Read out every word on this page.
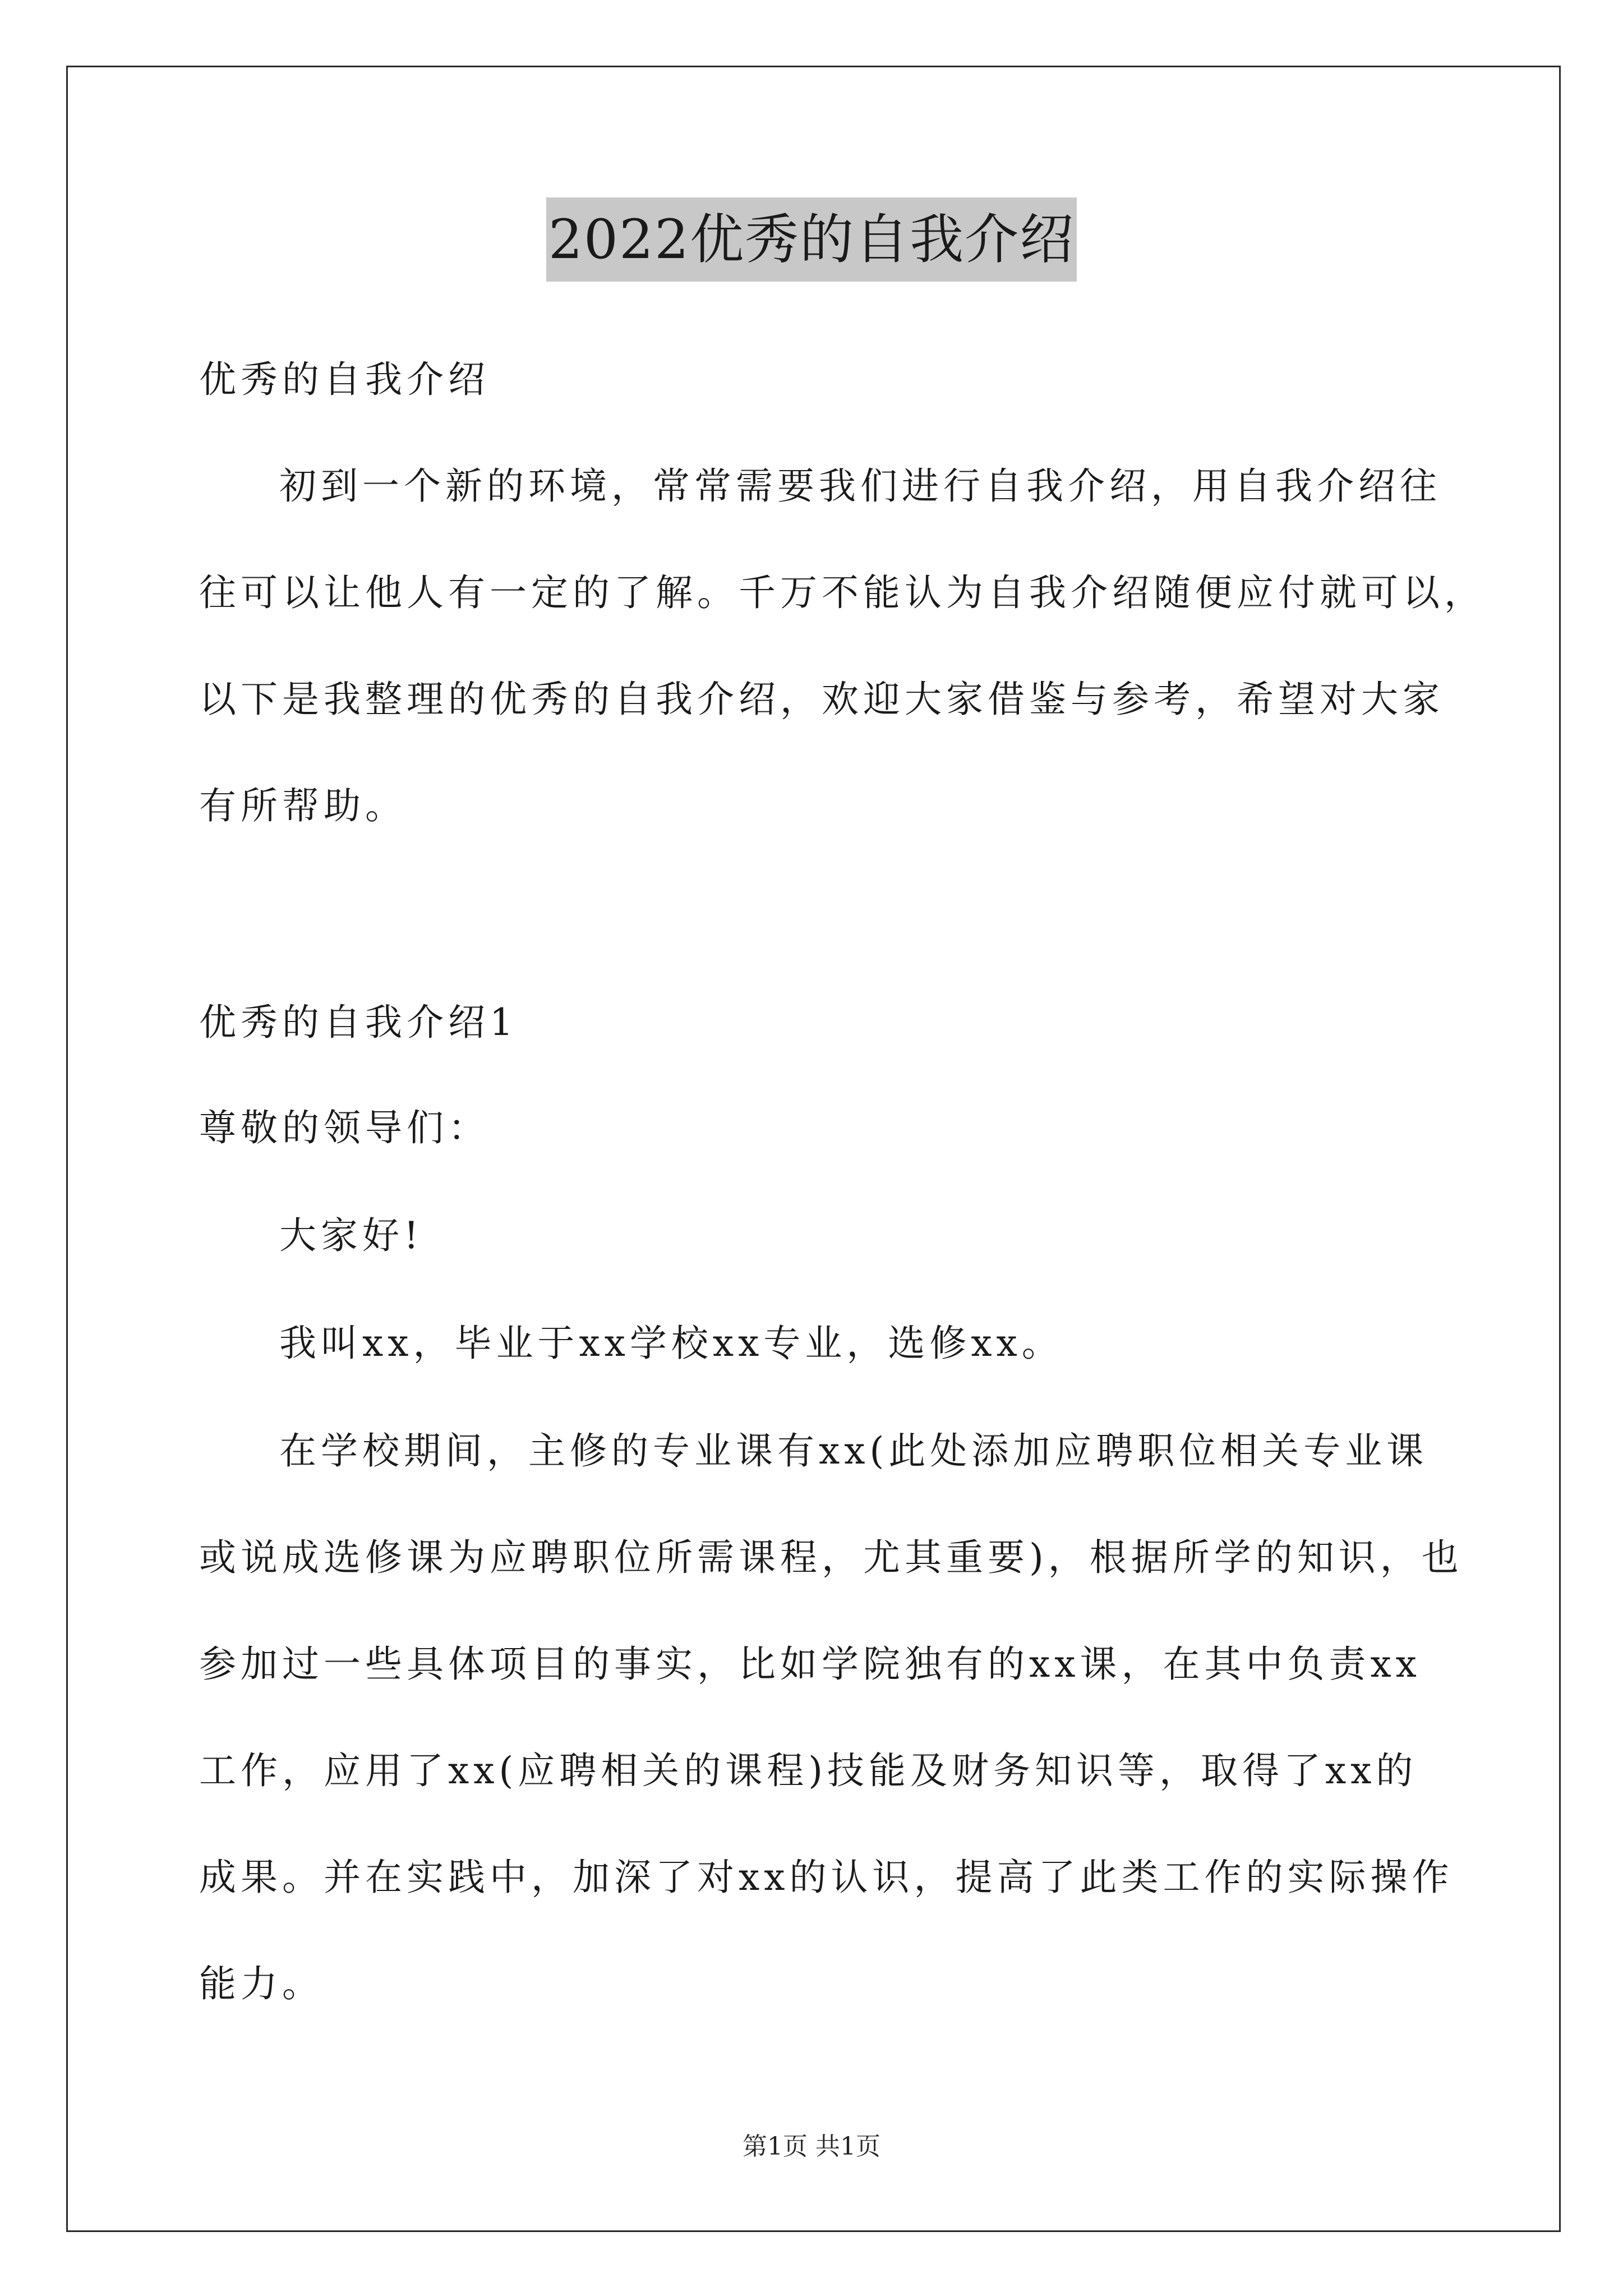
2022优秀的自我介绍
优秀的自我介绍
初到一个新的环境，常常需要我们进行自我介绍，用自我介绍往
往可以让他人有一定的了解。千万不能认为自我介绍随便应付就可以，
以下是我整理的优秀的自我介绍，欢迎大家借鉴与参考，希望对大家
有所帮助。
优秀的自我介绍1
尊敬的领导们：
大家好!
我叫xx，毕业于xx学校xx专业，选修xx。
在学校期间，主修的专业课有xx(此处添加应聘职位相关专业课
或说成选修课为应聘职位所需课程，尤其重要)，根据所学的知识，也
参加过一些具体项目的事实，比如学院独有的xx课，在其中负责xx
工作，应用了xx(应聘相关的课程)技能及财务知识等，取得了xx的
成果。并在实践中，加深了对xx的认识，提高了此类工作的实际操作
能力。
第1页 共1页
